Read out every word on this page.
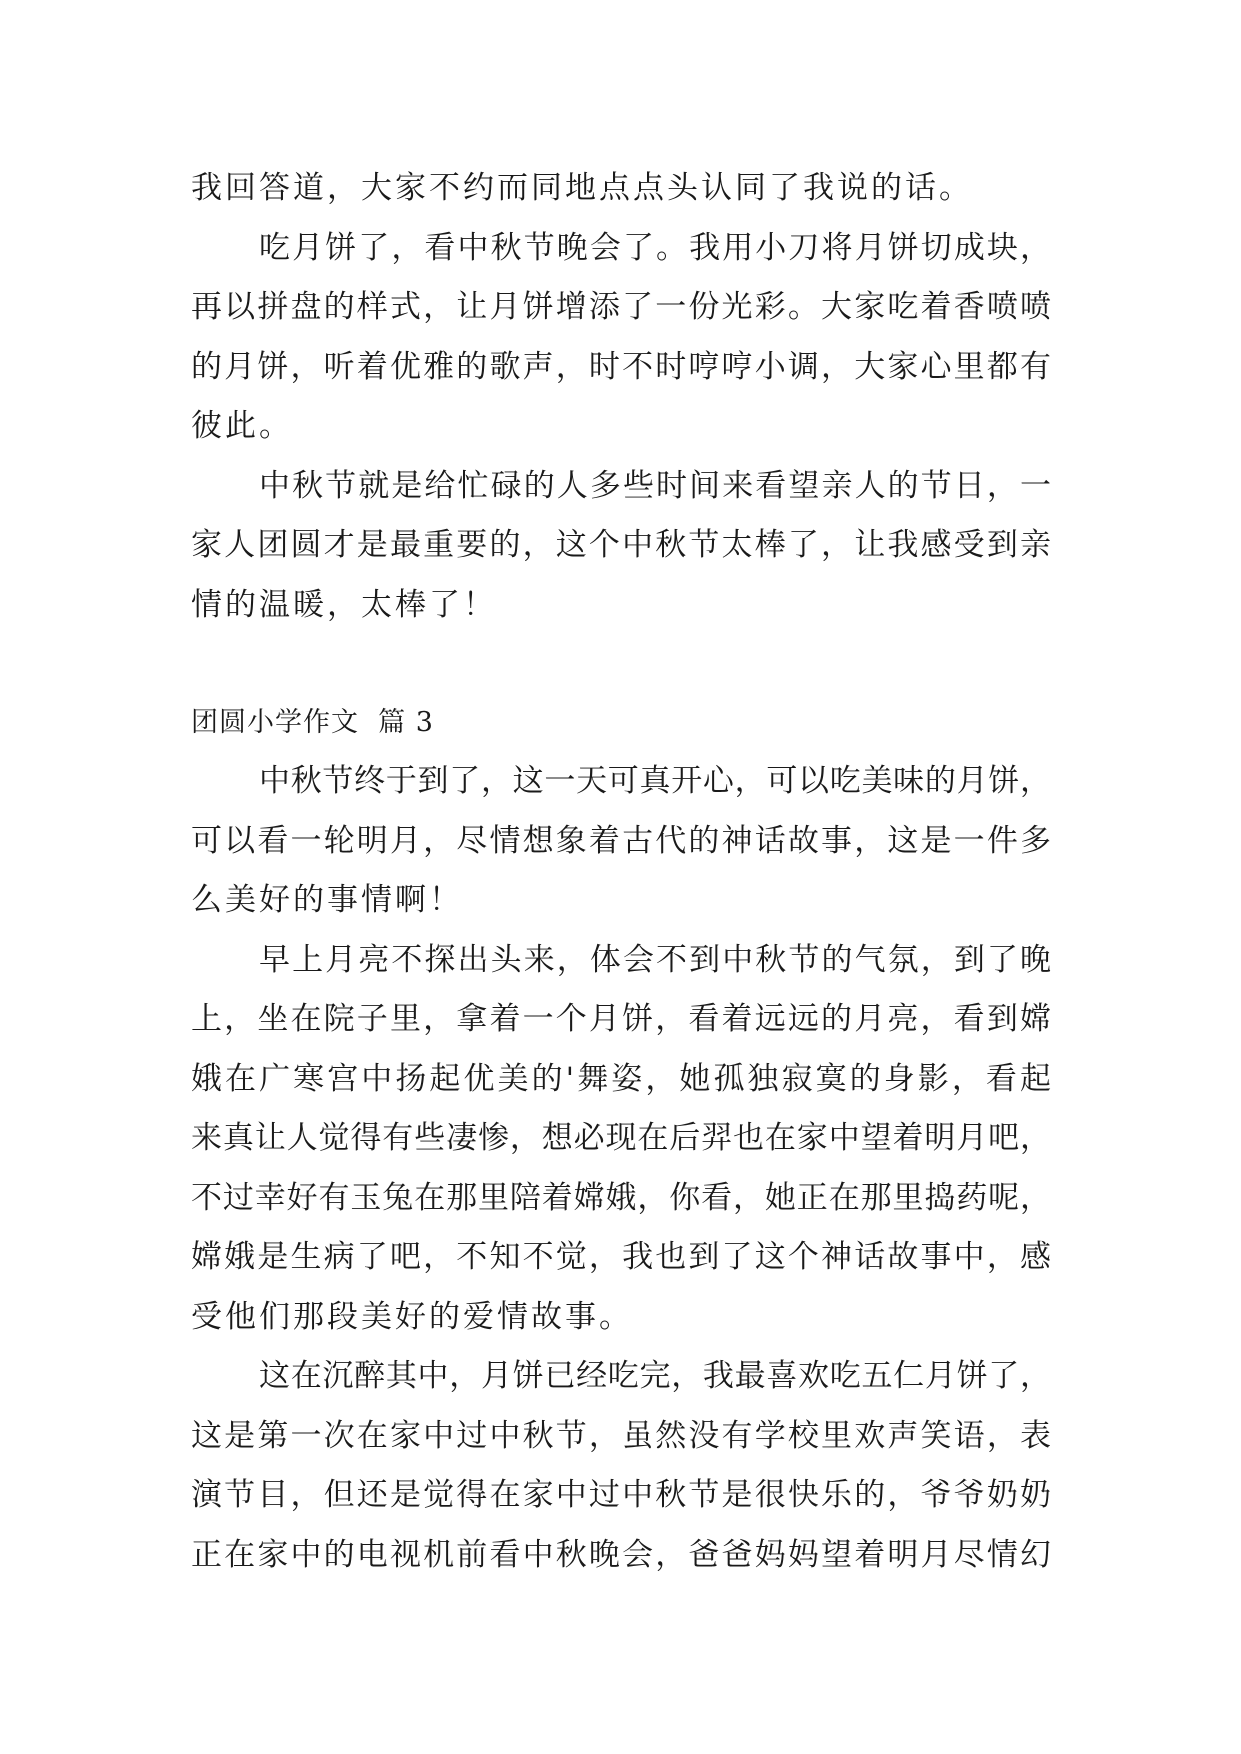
我回答道，大家不约而同地点点头认同了我说的话。
吃月饼了，看中秋节晚会了。我用小刀将月饼切成块，
再以拼盘的样式，让月饼增添了一份光彩。大家吃着香喷喷
的月饼，听着优雅的歌声，时不时哼哼小调，大家心里都有
彼此。
中秋节就是给忙碌的人多些时间来看望亲人的节日，一
家人团圆才是最重要的，这个中秋节太棒了，让我感受到亲
情的温暖，太棒了！
团圆小学作文  篇 3
中秋节终于到了，这一天可真开心，可以吃美味的月饼，
可以看一轮明月，尽情想象着古代的神话故事，这是一件多
么美好的事情啊！
早上月亮不探出头来，体会不到中秋节的气氛，到了晚
上，坐在院子里，拿着一个月饼，看着远远的月亮，看到嫦
娥在广寒宫中扬起优美的'舞姿，她孤独寂寞的身影，看起
来真让人觉得有些凄惨，想必现在后羿也在家中望着明月吧，
不过幸好有玉兔在那里陪着嫦娥，你看，她正在那里捣药呢，
嫦娥是生病了吧，不知不觉，我也到了这个神话故事中，感
受他们那段美好的爱情故事。
这在沉醉其中，月饼已经吃完，我最喜欢吃五仁月饼了，
这是第一次在家中过中秋节，虽然没有学校里欢声笑语，表
演节目，但还是觉得在家中过中秋节是很快乐的，爷爷奶奶
正在家中的电视机前看中秋晚会，爸爸妈妈望着明月尽情幻
